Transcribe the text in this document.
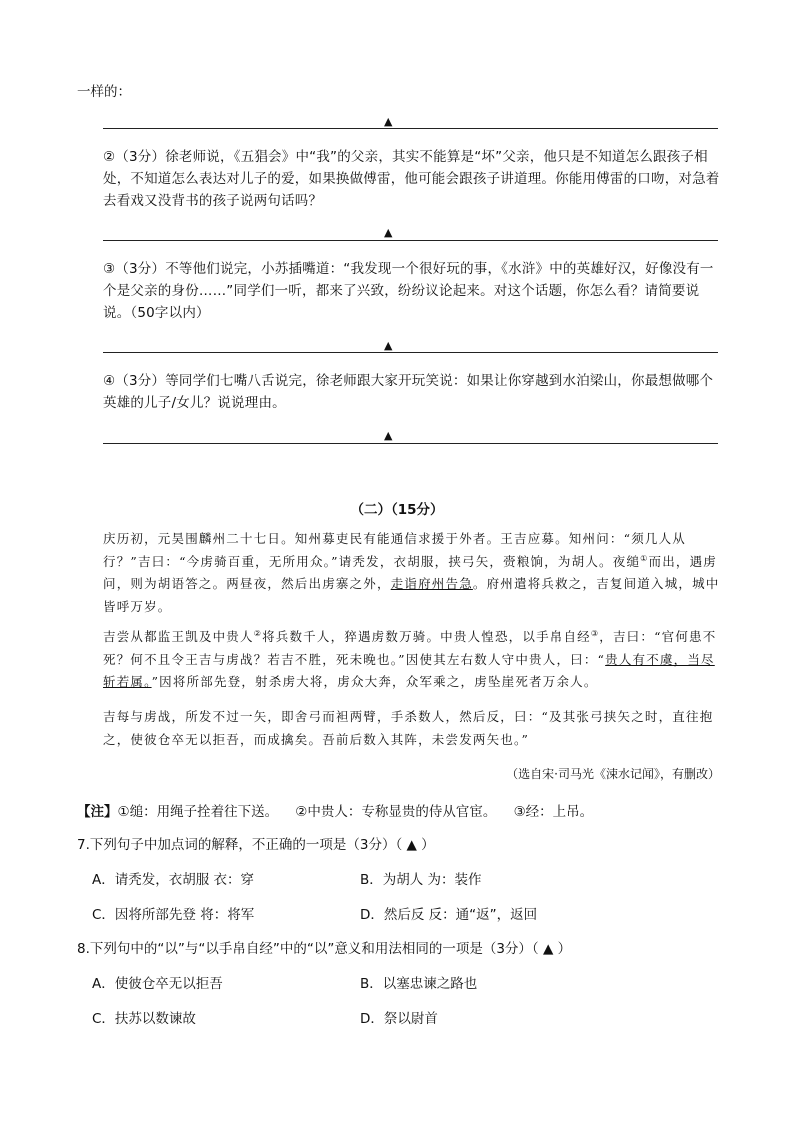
一样的：
▲
②（3分）徐老师说，《五猖会》中“我”的父亲，其实不能算是“坏”父亲，他只是不知道怎么跟孩子相处，不知道怎么表达对儿子的爱，如果换做傅雷，他可能会跟孩子讲道理。你能用傅雷的口吻，对急着去看戏又没背书的孩子说两句话吗？
▲
③（3分）不等他们说完，小苏插嘴道：“我发现一个很好玩的事，《水浒》中的英雄好汉，好像没有一个是父亲的身份……”同学们一听，都来了兴致，纷纷议论起来。对这个话题，你怎么看？请简要说说。（50字以内）
▲
④（3分）等同学们七嘴八舌说完，徐老师跟大家开玩笑说：如果让你穿越到水泊梁山，你最想做哪个英雄的儿子/女儿？说说理由。
▲
（二）（15分）
庆历初，元昊围麟州二十七日。知州募吏民有能通信求援于外者。王吉应募。知州问：“须几人从行？”吉曰：“今虏骑百重，无所用众。”请秃发，衣胡服，挟弓矢，赍粮饷，为胡人。夜缒①而出，遇虏问，则为胡语答之。两昼夜，然后出虏寨之外，走诣府州告急。府州遣将兵救之，吉复间道入城，城中皆呼万岁。
吉尝从都监王凯及中贵人②将兵数千人，猝遇虏数万骑。中贵人惶恐，以手帛自经③，吉曰：“官何患不死？何不且令王吉与虏战？若吉不胜，死未晚也。”因使其左右数人守中贵人，曰：“贵人有不虞，当尽斩若属。”因将所部先登，射杀虏大将，虏众大奔，众军乘之，虏坠崖死者万余人。
吉每与虏战，所发不过一矢，即舍弓而袒两臂，手杀数人，然后反，曰：“及其张弓挟矢之时，直往抱之，使彼仓卒无以拒吾，而成擒矣。吾前后数入其阵，未尝发两矢也。”
（选自宋·司马光《涑水记闻》，有删改）
【注】①缒：用绳子拴着往下送。 ②中贵人：专称显贵的侍从官宦。 ③经：上吊。
7.下列句子中加点词的解释，不正确的一项是（3分）（ ▲ ）
A．请秃发，衣胡服 衣：穿	B．为胡人 为：装作
C．因将所部先登 将：将军	D．然后反 反：通“返”，返回
8.下列句中的“以”与“以手帛自经”中的“以”意义和用法相同的一项是（3分）（ ▲ ）
A．使彼仓卒无以拒吾	B．以塞忠谏之路也
C．扶苏以数谏故	D．祭以尉首
